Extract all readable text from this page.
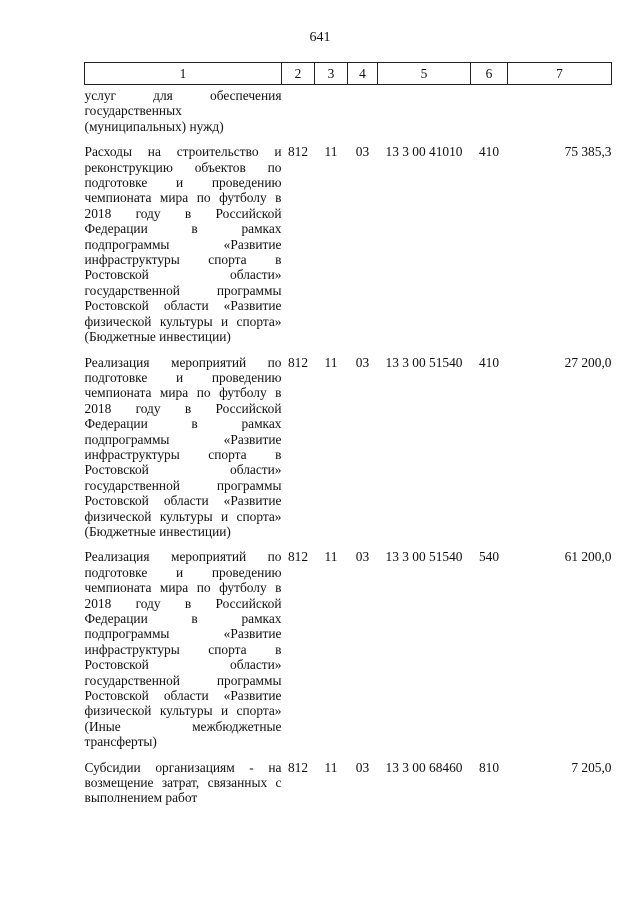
641
1	2	3	4	5	6	7
услуг для обеспечения государственных (муниципальных) нужд)						
Расходы на строительство и реконструкцию объектов по подготовке и проведению чемпионата мира по футболу в 2018 году в Российской Федерации в рамках подпрограммы «Развитие инфраструктуры спорта в Ростовской области» государственной программы Ростовской области «Развитие физической культуры и спорта» (Бюджетные инвестиции)	812	11	03	13 3 00 41010	410	75 385,3
Реализация мероприятий по подготовке и проведению чемпионата мира по футболу в 2018 году в Российской Федерации в рамках подпрограммы «Развитие инфраструктуры спорта в Ростовской области» государственной программы Ростовской области «Развитие физической культуры и спорта» (Бюджетные инвестиции)	812	11	03	13 3 00 51540	410	27 200,0
Реализация мероприятий по подготовке и проведению чемпионата мира по футболу в 2018 году в Российской Федерации в рамках подпрограммы «Развитие инфраструктуры спорта в Ростовской области» государственной программы Ростовской области «Развитие физической культуры и спорта» (Иные межбюджетные трансферты)	812	11	03	13 3 00 51540	540	61 200,0
Субсидии организациям - на возмещение затрат, связанных с выполнением работ	812	11	03	13 3 00 68460	810	7 205,0
